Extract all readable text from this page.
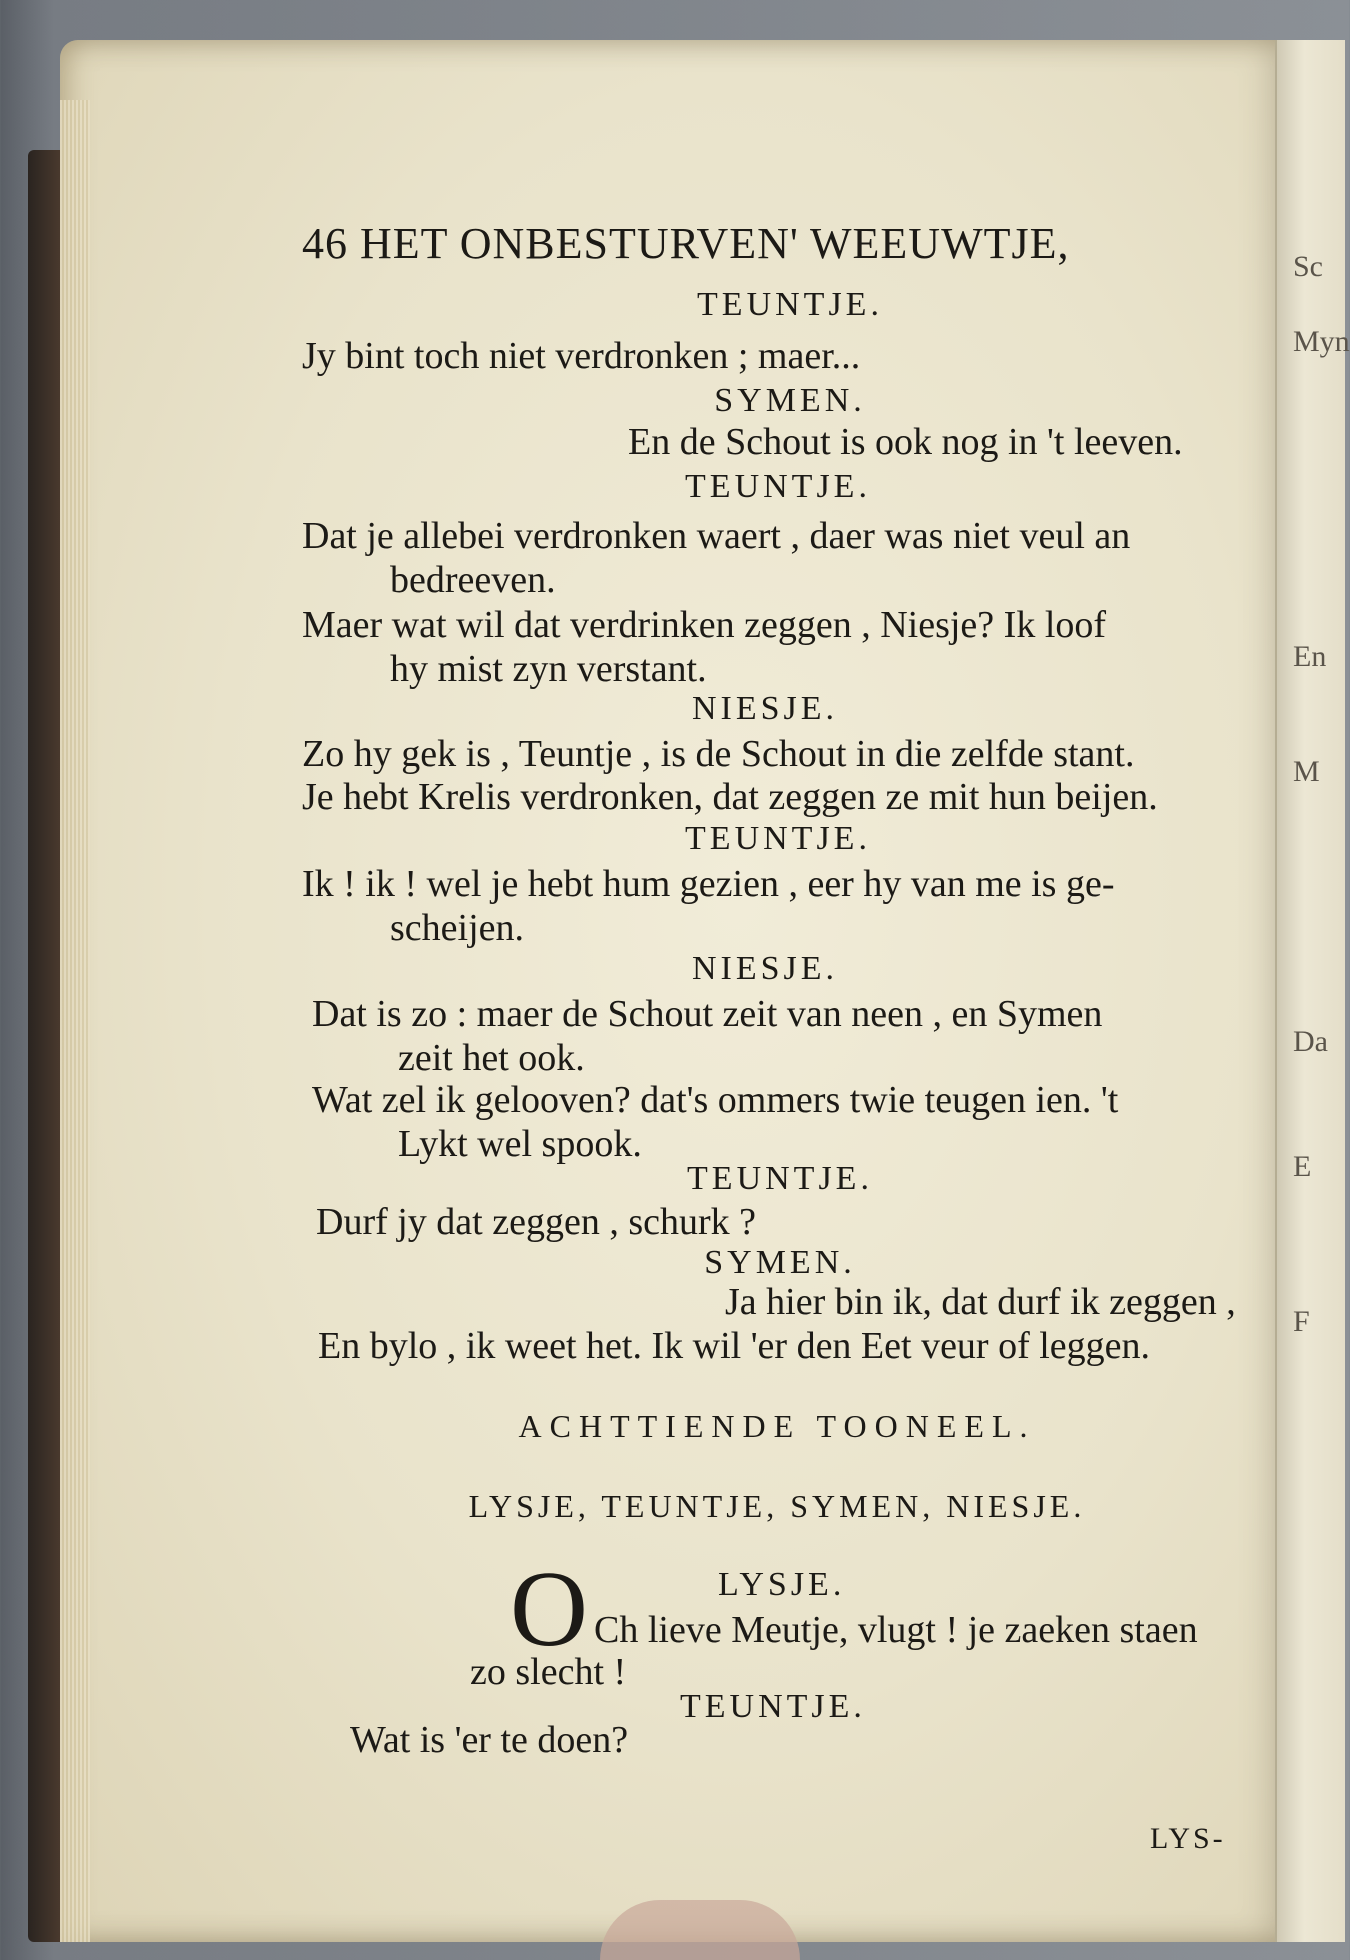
Sc
Myn
En
M
Da
E
F
46 HET ONBESTURVEN' WEEUWTJE,
TEUNTJE.
Jy bint toch niet verdronken ; maer...
SYMEN.
En de Schout is ook nog in 't leeven.
TEUNTJE.
Dat je allebei verdronken waert , daer was niet veul an
bedreeven.
Maer wat wil dat verdrinken zeggen , Niesje? Ik loof
hy mist zyn verstant.
NIESJE.
Zo hy gek is , Teuntje , is de Schout in die zelfde stant.
Je hebt Krelis verdronken, dat zeggen ze mit hun beijen.
TEUNTJE.
Ik ! ik ! wel je hebt hum gezien , eer hy van me is ge-
scheijen.
NIESJE.
Dat is zo : maer de Schout zeit van neen , en Symen
zeit het ook.
Wat zel ik gelooven? dat's ommers twie teugen ien. 't
Lykt wel spook.
TEUNTJE.
Durf jy dat zeggen , schurk ?
SYMEN.
Ja hier bin ik, dat durf ik zeggen ,
En bylo , ik weet het. Ik wil 'er den Eet veur of leggen.
ACHTTIENDE TOONEEL.
LYSJE, TEUNTJE, SYMEN, NIESJE.
LYSJE.
O Ch lieve Meutje, vlugt ! je zaeken staen
zo slecht !
TEUNTJE.
Wat is 'er te doen?
LYS-
